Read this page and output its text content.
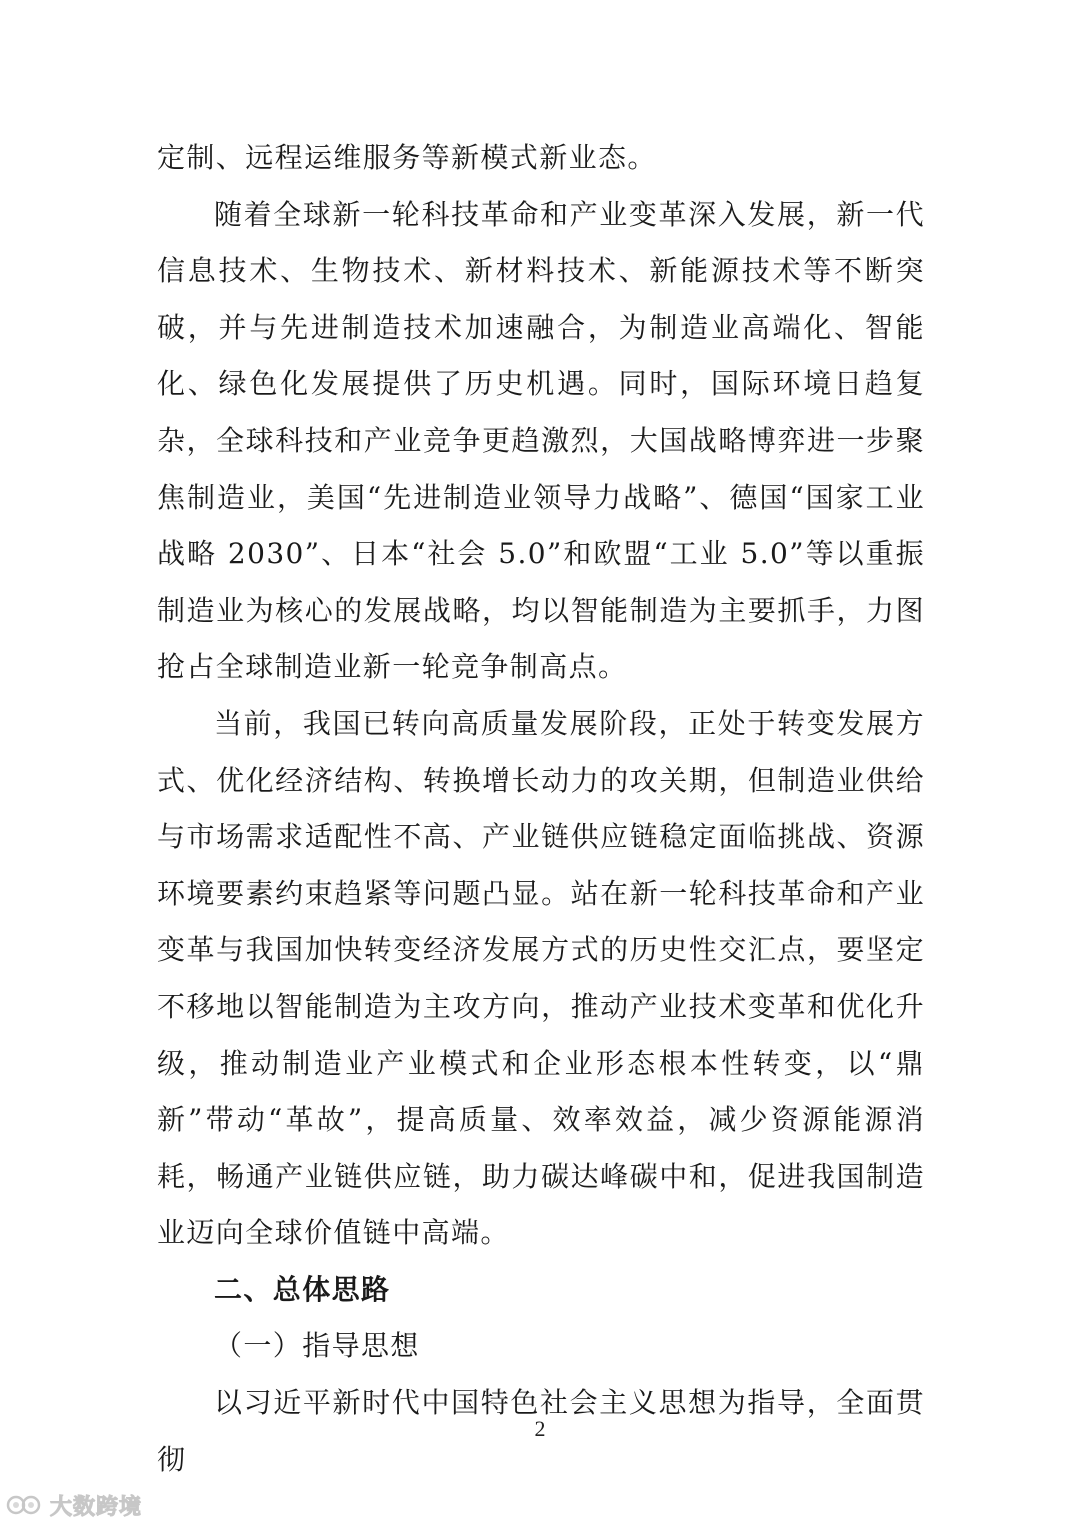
定制、远程运维服务等新模式新业态。

随着全球新一轮科技革命和产业变革深入发展，新一代信息技术、生物技术、新材料技术、新能源技术等不断突破，并与先进制造技术加速融合，为制造业高端化、智能化、绿色化发展提供了历史机遇。同时，国际环境日趋复杂，全球科技和产业竞争更趋激烈，大国战略博弈进一步聚焦制造业，美国“先进制造业领导力战略”、德国“国家工业战略 2030”、日本“社会 5.0”和欧盟“工业 5.0”等以重振制造业为核心的发展战略，均以智能制造为主要抓手，力图抢占全球制造业新一轮竞争制高点。

当前，我国已转向高质量发展阶段，正处于转变发展方式、优化经济结构、转换增长动力的攻关期，但制造业供给与市场需求适配性不高、产业链供应链稳定面临挑战、资源环境要素约束趋紧等问题凸显。站在新一轮科技革命和产业变革与我国加快转变经济发展方式的历史性交汇点，要坚定不移地以智能制造为主攻方向，推动产业技术变革和优化升级，推动制造业产业模式和企业形态根本性转变，以“鼎新”带动“革故”，提高质量、效率效益，减少资源能源消耗，畅通产业链供应链，助力碳达峰碳中和，促进我国制造业迈向全球价值链中高端。

二、总体思路

（一）指导思想

以习近平新时代中国特色社会主义思想为指导，全面贯彻

2
大数跨境
